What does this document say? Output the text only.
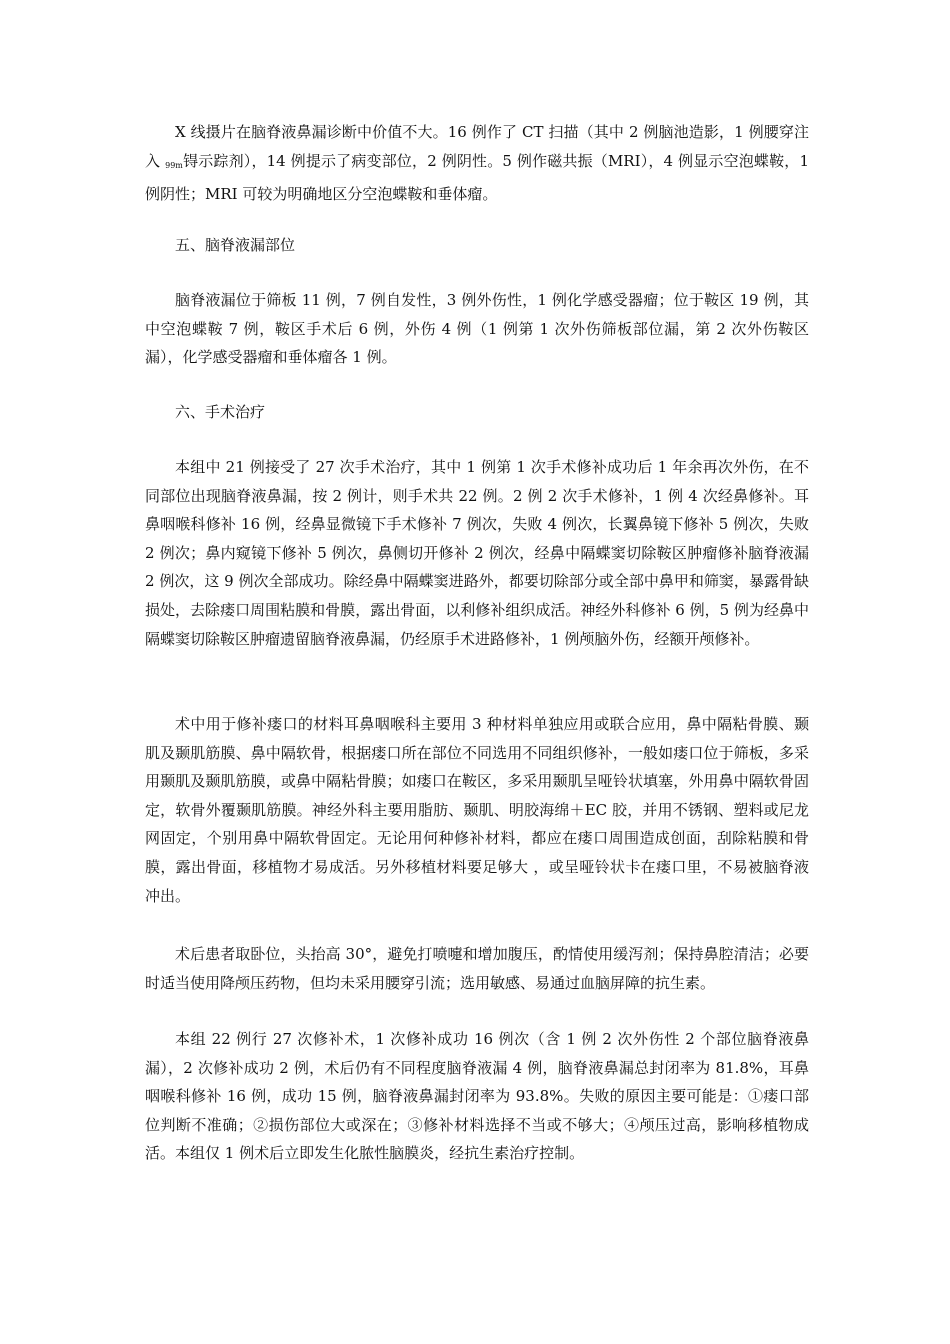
X 线摄片在脑脊液鼻漏诊断中价值不大。16 例作了 CT 扫描（其中 2 例脑池造影，1 例腰穿注入 $_{99m}$锝示踪剂），14 例提示了病变部位，2 例阴性。5 例作磁共振（MRI），4 例显示空泡蝶鞍，1 例阴性；MRI 可较为明确地区分空泡蝶鞍和垂体瘤。

五、脑脊液漏部位

脑脊液漏位于筛板 11 例，7 例自发性，3 例外伤性，1 例化学感受器瘤；位于鞍区 19 例，其中空泡蝶鞍 7 例，鞍区手术后 6 例，外伤 4 例（1 例第 1 次外伤筛板部位漏，第 2 次外伤鞍区漏），化学感受器瘤和垂体瘤各 1 例。

六、手术治疗

本组中 21 例接受了 27 次手术治疗，其中 1 例第 1 次手术修补成功后 1 年余再次外伤，在不同部位出现脑脊液鼻漏，按 2 例计，则手术共 22 例。2 例 2 次手术修补，1 例 4 次经鼻修补。耳鼻咽喉科修补 16 例，经鼻显微镜下手术修补 7 例次，失败 4 例次，长翼鼻镜下修补 5 例次，失败 2 例次；鼻内窥镜下修补 5 例次，鼻侧切开修补 2 例次，经鼻中隔蝶窦切除鞍区肿瘤修补脑脊液漏 2 例次，这 9 例次全部成功。除经鼻中隔蝶窦进路外，都要切除部分或全部中鼻甲和筛窦，暴露骨缺损处，去除瘘口周围粘膜和骨膜，露出骨面，以利修补组织成活。神经外科修补 6 例，5 例为经鼻中隔蝶窦切除鞍区肿瘤遗留脑脊液鼻漏，仍经原手术进路修补，1 例颅脑外伤，经额开颅修补。

术中用于修补瘘口的材料耳鼻咽喉科主要用 3 种材料单独应用或联合应用，鼻中隔粘骨膜、颞肌及颞肌筋膜、鼻中隔软骨，根据瘘口所在部位不同选用不同组织修补，一般如瘘口位于筛板，多采用颞肌及颞肌筋膜，或鼻中隔粘骨膜；如瘘口在鞍区，多采用颞肌呈哑铃状填塞，外用鼻中隔软骨固定，软骨外覆颞肌筋膜。神经外科主要用脂肪、颞肌、明胶海绵＋EC 胶，并用不锈钢、塑料或尼龙网固定，个别用鼻中隔软骨固定。无论用何种修补材料，都应在瘘口周围造成创面，刮除粘膜和骨膜，露出骨面，移植物才易成活。另外移植材料要足够大 ，或呈哑铃状卡在瘘口里，不易被脑脊液冲出。

术后患者取卧位，头抬高 30°，避免打喷嚏和增加腹压，酌情使用缓泻剂；保持鼻腔清洁；必要时适当使用降颅压药物，但均未采用腰穿引流；选用敏感、易通过血脑屏障的抗生素。

本组 22 例行 27 次修补术，1 次修补成功 16 例次（含 1 例 2 次外伤性 2 个部位脑脊液鼻漏），2 次修补成功 2 例，术后仍有不同程度脑脊液漏 4 例，脑脊液鼻漏总封闭率为 81.8%，耳鼻咽喉科修补 16 例，成功 15 例，脑脊液鼻漏封闭率为 93.8%。失败的原因主要可能是：①瘘口部位判断不准确；②损伤部位大或深在；③修补材料选择不当或不够大；④颅压过高，影响移植物成活。本组仅 1 例术后立即发生化脓性脑膜炎，经抗生素治疗控制。
